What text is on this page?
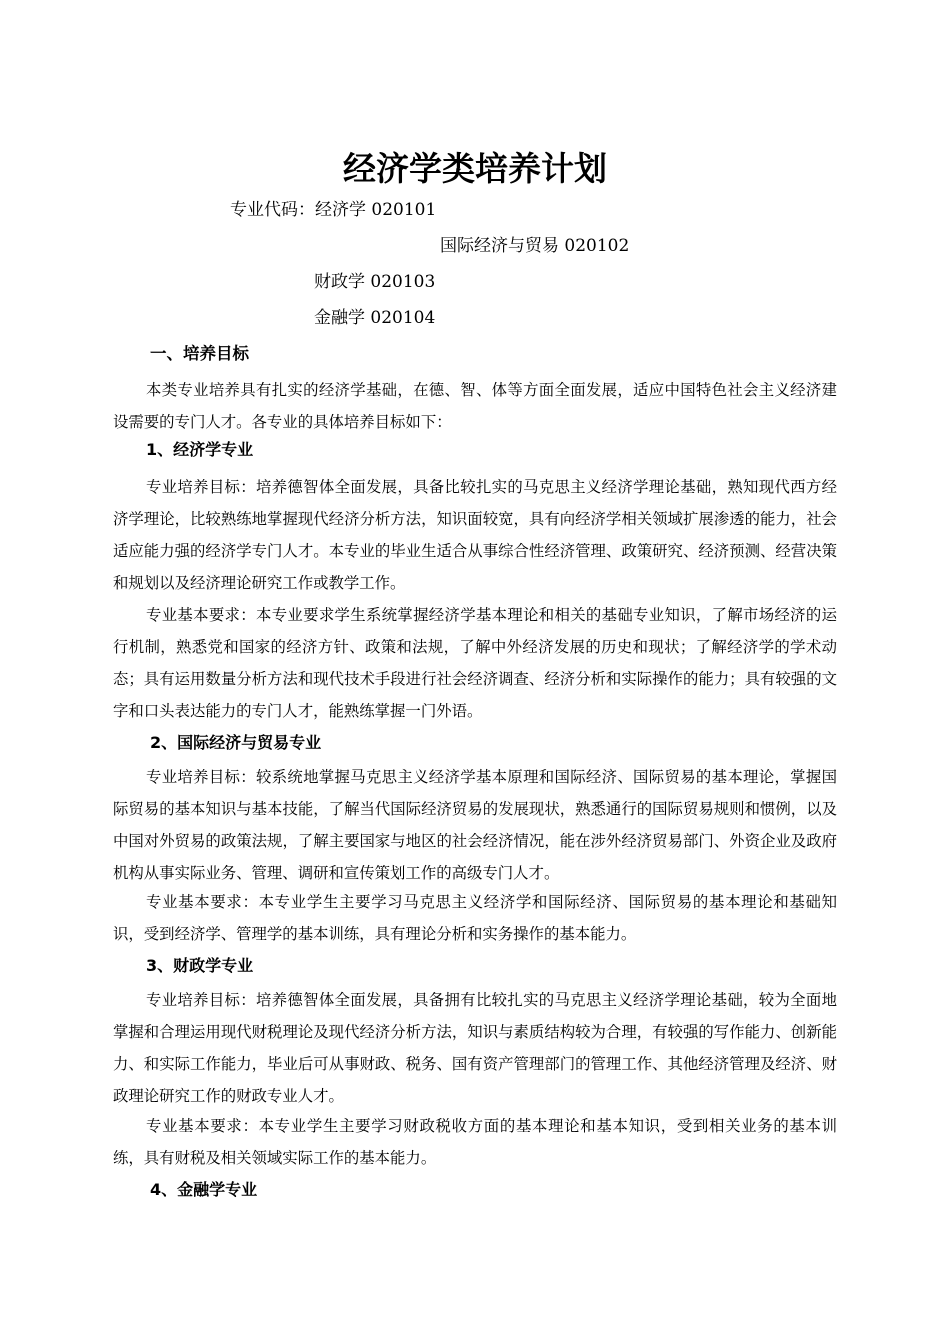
经济学类培养计划
专业代码：经济学 020101
国际经济与贸易 020102
财政学 020103
金融学 020104
一、培养目标

本类专业培养具有扎实的经济学基础，在德、智、体等方面全面发展，适应中国特色社会主义经济建设需要的专门人才。各专业的具体培养目标如下：

1、经济学专业

专业培养目标：培养德智体全面发展，具备比较扎实的马克思主义经济学理论基础，熟知现代西方经济学理论，比较熟练地掌握现代经济分析方法，知识面较宽，具有向经济学相关领域扩展渗透的能力，社会适应能力强的经济学专门人才。本专业的毕业生适合从事综合性经济管理、政策研究、经济预测、经营决策和规划以及经济理论研究工作或教学工作。

专业基本要求：本专业要求学生系统掌握经济学基本理论和相关的基础专业知识，了解市场经济的运行机制，熟悉党和国家的经济方针、政策和法规，了解中外经济发展的历史和现状；了解经济学的学术动态；具有运用数量分析方法和现代技术手段进行社会经济调查、经济分析和实际操作的能力；具有较强的文字和口头表达能力的专门人才，能熟练掌握一门外语。

2、国际经济与贸易专业

专业培养目标：较系统地掌握马克思主义经济学基本原理和国际经济、国际贸易的基本理论，掌握国际贸易的基本知识与基本技能，了解当代国际经济贸易的发展现状，熟悉通行的国际贸易规则和惯例，以及中国对外贸易的政策法规，了解主要国家与地区的社会经济情况，能在涉外经济贸易部门、外资企业及政府机构从事实际业务、管理、调研和宣传策划工作的高级专门人才。

专业基本要求：本专业学生主要学习马克思主义经济学和国际经济、国际贸易的基本理论和基础知识，受到经济学、管理学的基本训练，具有理论分析和实务操作的基本能力。

3、财政学专业

专业培养目标：培养德智体全面发展，具备拥有比较扎实的马克思主义经济学理论基础，较为全面地掌握和合理运用现代财税理论及现代经济分析方法，知识与素质结构较为合理，有较强的写作能力、创新能力、和实际工作能力，毕业后可从事财政、税务、国有资产管理部门的管理工作、其他经济管理及经济、财政理论研究工作的财政专业人才。

专业基本要求：本专业学生主要学习财政税收方面的基本理论和基本知识，受到相关业务的基本训练，具有财税及相关领域实际工作的基本能力。

4、金融学专业
